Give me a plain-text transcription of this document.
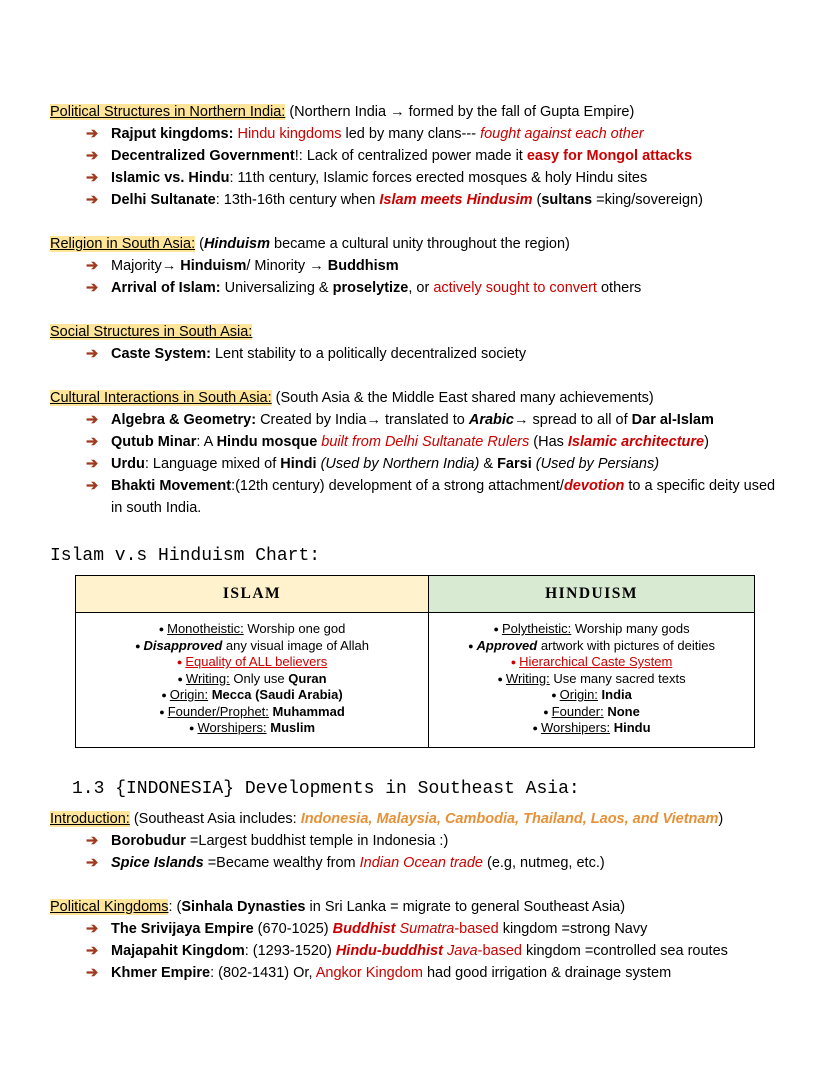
Political Structures in Northern India: (Northern India → formed by the fall of Gupta Empire)
➔ Rajput kingdoms: Hindu kingdoms led by many clans--- fought against each other
➔ Decentralized Government!: Lack of centralized power made it easy for Mongol attacks
➔ Islamic vs. Hindu: 11th century, Islamic forces erected mosques & holy Hindu sites
➔ Delhi Sultanate: 13th-16th century when Islam meets Hindusim (sultans =king/sovereign)
Religion in South Asia: (Hinduism became a cultural unity throughout the region)
➔ Majority→ Hinduism/ Minority → Buddhism
➔ Arrival of Islam: Universalizing & proselytize, or actively sought to convert others
Social Structures in South Asia:
➔ Caste System: Lent stability to a politically decentralized society
Cultural Interactions in South Asia: (South Asia & the Middle East shared many achievements)
➔ Algebra & Geometry: Created by India→ translated to Arabic→ spread to all of Dar al-Islam
➔ Qutub Minar: A Hindu mosque built from Delhi Sultanate Rulers (Has Islamic architecture)
➔ Urdu: Language mixed of Hindi (Used by Northern India) & Farsi (Used by Persians)
➔ Bhakti Movement:(12th century) development of a strong attachment/devotion to a specific deity used in south India.
Islam v.s Hinduism Chart:
ISLAM	HINDUISM

● Monotheistic: Worship one god
● Disapproved any visual image of Allah
● Equality of ALL believers
● Writing: Only use Quran
● Origin: Mecca (Saudi Arabia)
● Founder/Prophet: Muhammad
● Worshipers: Muslim

● Polytheistic: Worship many gods
● Approved artwork with pictures of deities
● Hierarchical Caste System
● Writing: Use many sacred texts
● Origin: India
● Founder: None
● Worshipers: Hindu
1.3 {INDONESIA} Developments in Southeast Asia:
Introduction: (Southeast Asia includes: Indonesia, Malaysia, Cambodia, Thailand, Laos, and Vietnam)
➔ Borobudur =Largest buddhist temple in Indonesia :)
➔ Spice Islands =Became wealthy from Indian Ocean trade (e.g, nutmeg, etc.)
Political Kingdoms: (Sinhala Dynasties in Sri Lanka = migrate to general Southeast Asia)
➔ The Srivijaya Empire (670-1025) Buddhist Sumatra-based kingdom =strong Navy
➔ Majapahit Kingdom: (1293-1520) Hindu-buddhist Java-based kingdom =controlled sea routes
➔ Khmer Empire: (802-1431) Or, Angkor Kingdom had good irrigation & drainage system
